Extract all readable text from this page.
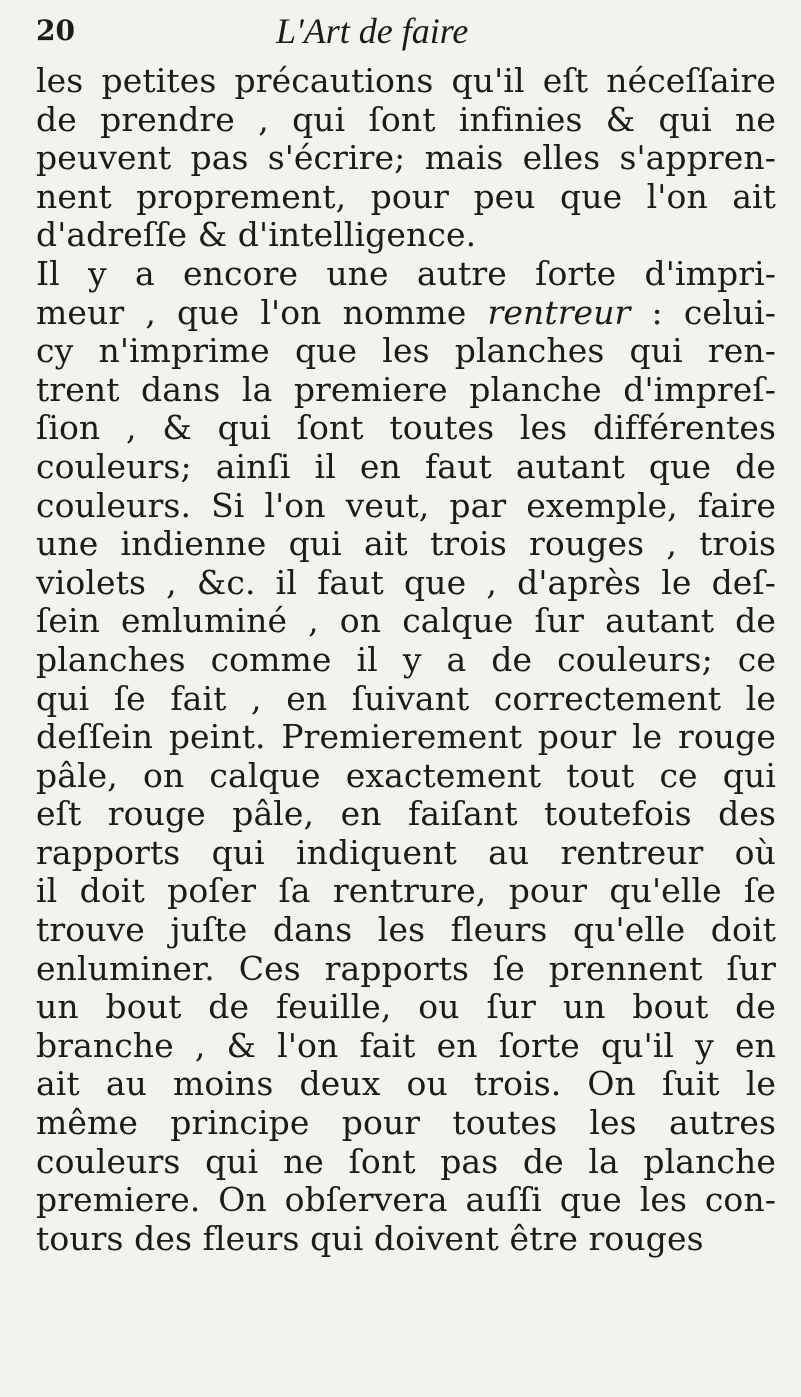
20	L'Art de faire
les petites précautions qu'il eſt néceſſaire
de prendre , qui ſont infinies & qui ne
peuvent pas s'écrire; mais elles s'appren-
nent proprement, pour peu que l'on ait
d'adreſſe & d'intelligence.
Il y a encore une autre ſorte d'impri-
meur , que l'on nomme rentreur : celui-
cy n'imprime que les planches qui ren-
trent dans la premiere planche d'impreſ-
ſion , & qui ſont toutes les différentes
couleurs; ainſi il en faut autant que de
couleurs. Si l'on veut, par exemple, faire
une indienne qui ait trois rouges , trois
violets , &c. il faut que , d'après le deſ-
ſein emluminé , on calque ſur autant de
planches comme il y a de couleurs; ce
qui ſe fait , en ſuivant correctement le
deſſein peint. Premierement pour le rouge
pâle, on calque exactement tout ce qui
eſt rouge pâle, en faiſant toutefois des
rapports qui indiquent au rentreur où
il doit poſer ſa rentrure, pour qu'elle ſe
trouve juſte dans les fleurs qu'elle doit
enluminer. Ces rapports ſe prennent ſur
un bout de feuille, ou ſur un bout de
branche , & l'on fait en ſorte qu'il y en
ait au moins deux ou trois. On ſuit le
même principe pour toutes les autres
couleurs qui ne ſont pas de la planche
premiere. On obſervera auſſi que les con-
tours des fleurs qui doivent être rouges
